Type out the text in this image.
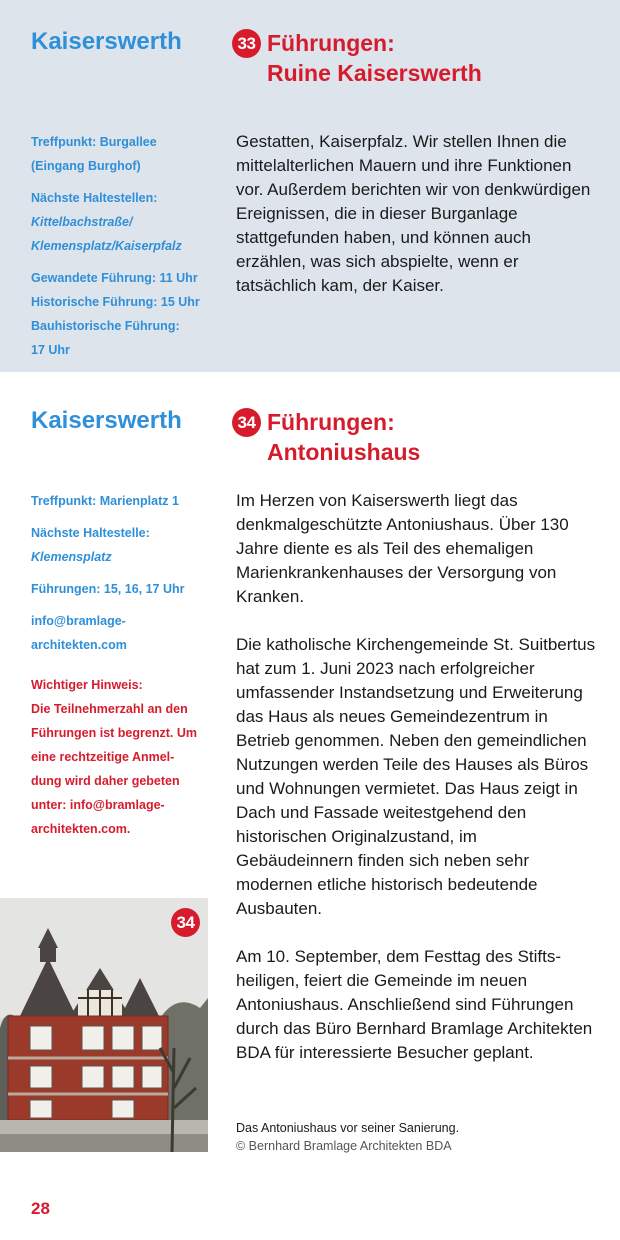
Kaiserswerth	33 Führungen:
Ruine Kaiserswerth

Treffpunkt: Burgallee

(Eingang Burghof)

Nächste Haltestellen:

Kittelbachstraße/

Klemensplatz/Kaiserpfalz

Gewandete Führung: 11 Uhr

Historische Führung: 15 Uhr

Bauhistorische Führung:

17 Uhr

Gestatten, Kaiserpfalz. Wir stellen Ihnen die mittelalterlichen Mauern und ihre Funktionen vor. Außerdem berichten wir von denkwürdigen Ereignissen, die in dieser Burganlage stattgefunden haben, und können auch erzählen, was sich abspielte, wenn er tatsächlich kam, der Kaiser.

Kaiserswerth	34 Führungen:
Antoniushaus

Treffpunkt: Marienplatz 1

Nächste Haltestelle:

Klemensplatz

Führungen: 15, 16, 17 Uhr

info@bramlage-

architekten.com

Wichtiger Hinweis:

Die Teilnehmerzahl an den

Führungen ist begrenzt. Um

eine rechtzeitige Anmel-

dung wird daher gebeten

unter: info@bramlage-

architekten.com.

Im Herzen von Kaiserswerth liegt das denkmalgeschützte Antoniushaus. Über 130 Jahre diente es als Teil des ehemaligen Marienkrankenhauses der Versorgung von Kranken.

Die katholische Kirchengemeinde St. Suitbertus hat zum 1. Juni 2023 nach erfolgreicher umfassender Instandsetzung und Erweiterung das Haus als neues Gemeindezentrum in Betrieb genommen. Neben den gemeindlichen Nutzungen werden Teile des Hauses als Büros und Wohnungen vermietet. Das Haus zeigt in Dach und Fassade weitestgehend den historischen Originalzustand, im Gebäudeinnern finden sich neben sehr modernen etliche historisch bedeutende Ausbauten.

Am 10. September, dem Festtag des Stiftsheiligen, feiert die Gemeinde im neuen Antoniushaus. Anschließend sind Führungen durch das Büro Bernhard Bramlage Architekten BDA für interessierte Besucher geplant.

34
Das Antoniushaus vor seiner Sanierung.
© Bernhard Bramlage Architekten BDA
28
